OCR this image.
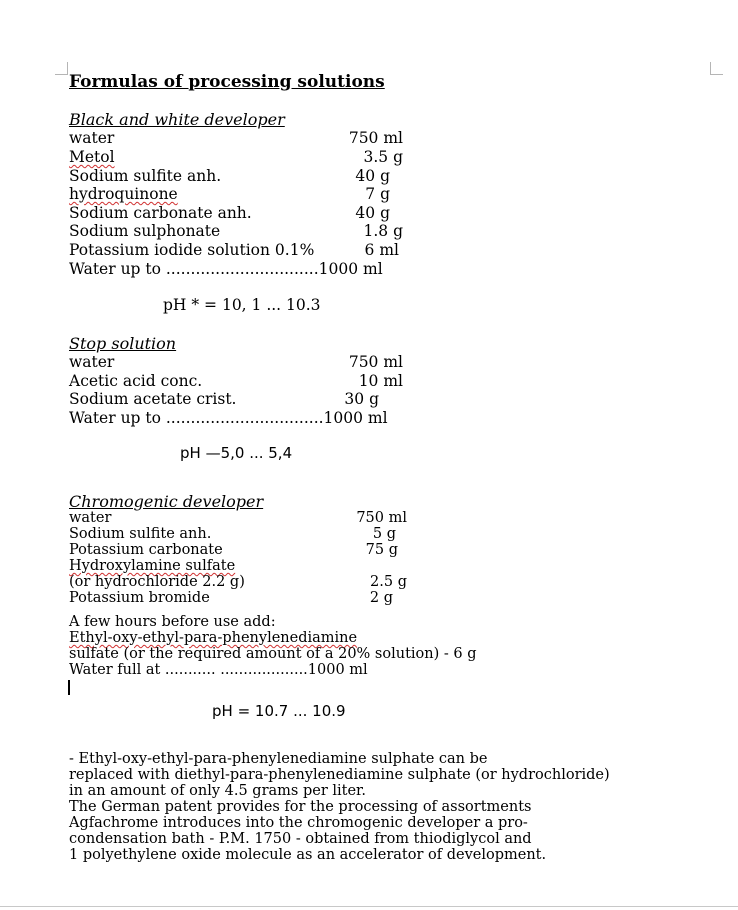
Formulas of processing solutions
Black and white developer
water	750 ml
Metol	3.5 g
Sodium sulfite anh.	40 g
hydroquinone	7 g
Sodium carbonate anh.	40 g
Sodium sulphonate	1.8 g
Potassium iodide solution 0.1%	6 ml
Water up to ...............................1000 ml
pH * = 10, 1 ... 10.3
Stop solution
water	750 ml
Acetic acid conc.	10 ml
Sodium acetate crist.	30 g
Water up to ................................1000 ml
pH —5,0 ... 5,4
Chromogenic developer
water	750 ml
Sodium sulfite anh.	5 g
Potassium carbonate	75 g
Hydroxylamine sulfate
(or hydrochloride 2.2 g)	2.5 g
Potassium bromide	2 g
A few hours before use add:
Ethyl-oxy-ethyl-para-phenylenediamine
sulfate (or the required amount of a 20% solution) - 6 g
Water full at ........... ...................1000 ml
pH = 10.7 ... 10.9
- Ethyl-oxy-ethyl-para-phenylenediamine sulphate can be
replaced with diethyl-para-phenylenediamine sulphate (or hydrochloride)
in an amount of only 4.5 grams per liter.
The German patent provides for the processing of assortments
Agfachrome introduces into the chromogenic developer a pro-
condensation bath - P.M. 1750 - obtained from thiodiglycol and
1 polyethylene oxide molecule as an accelerator of development.
